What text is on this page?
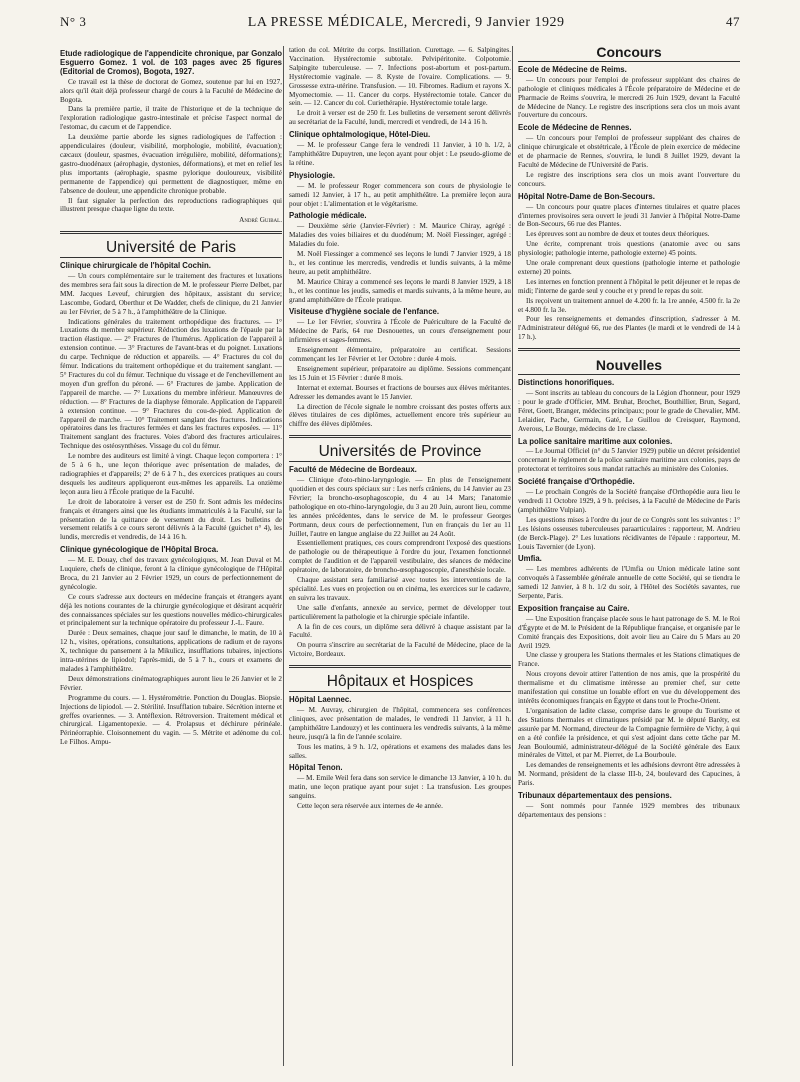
N° 3	LA PRESSE MÉDICALE, Mercredi, 9 Janvier 1929	47

Etude radiologique de l'appendicite chronique, par Gonzalo Esguerro Gomez. 1 vol. de 103 pages avec 25 figures (Editorial de Cromos), Bogota, 1927.

Ce travail est la thèse de doctorat de Gomez, soutenue par lui en 1927, alors qu'il était déjà professeur chargé de cours à la Faculté de Médecine de Bogota.

Dans la première partie, il traite de l'historique et de la technique de l'exploration radiologique gastro-intestinale et précise l'aspect normal de l'estomac, du cæcum et de l'appendice.

La deuxième partie aborde les signes radiologiques de l'affection : appendiculaires (douleur, visibilité, morphologie, mobilité, évacuation); cæcaux (douleur, spasmes, évacuation irrégulière, mobilité, déformations); gastro-duodénaux (aérophagie, dystonies, déformations), et met en relief les plus importants (aérophagie, spasme pylorique douloureux, visibilité permanente de l'appendice) qui permettent de diagnostiquer, même en l'absence de douleur, une appendicite chronique probable.

Il faut signaler la perfection des reproductions radiographiques qui illustrent presque chaque ligne du texte.

André Guibal.
Université de Paris

Clinique chirurgicale de l'hôpital Cochin.

— Un cours complémentaire sur le traitement des fractures et luxations des membres sera fait sous la direction de M. le professeur Pierre Delbet, par MM. Jacques Leveuf, chirurgien des hôpitaux, assistant du service; Lascombe, Godard, Oberthur et De Wadder, chefs de clinique, du 21 Janvier au 1er Février, de 5 à 7 h., à l'amphithéâtre de la Clinique.

Indications générales du traitement orthopédique des fractures. — 1° Luxations du membre supérieur. Réduction des luxations de l'épaule par la traction élastique. — 2° Fractures de l'humérus. Application de l'appareil à extension continue. — 3° Fractures de l'avant-bras et du poignet. Luxations du carpe. Technique de réduction et appareils. — 4° Fractures du col du fémur. Indications du traitement orthopédique et du traitement sanglant. — 5° Fractures du col du fémur. Technique du vissage et de l'enchevillement au moyen d'un greffon du péroné. — 6° Fractures de jambe. Application de l'appareil de marche. — 7° Luxations du membre inférieur. Manœuvres de réduction. — 8° Fractures de la diaphyse fémorale. Application de l'appareil à extension continue. — 9° Fractures du cou-de-pied. Application de l'appareil de marche. — 10° Traitement sanglant des fractures. Indications opératoires dans les fractures fermées et dans les fractures exposées. — 11° Traitement sanglant des fractures. Voies d'abord des fractures articulaires. Technique des ostéosynthèses. Vissage du col du fémur.

Le nombre des auditeurs est limité à vingt. Chaque leçon comportera : 1° de 5 à 6 h., une leçon théorique avec présentation de malades, de radiographies et d'appareils; 2° de 6 à 7 h., des exercices pratiques au cours desquels les auditeurs appliqueront eux-mêmes les appareils. La onzième leçon aura lieu à l'École pratique de la Faculté.

Le droit de laboratoire à verser est de 250 fr. Sont admis les médecins français et étrangers ainsi que les étudiants immatriculés à la Faculté, sur la présentation de la quittance de versement du droit. Les bulletins de versement relatifs à ce cours seront délivrés à la Faculté (guichet n° 4), les lundis, mercredis et vendredis, de 14 à 16 h.

Clinique gynécologique de l'Hôpital Broca.

— M. E. Douay, chef des travaux gynécologiques, M. Jean Duval et M. Luquiere, chefs de clinique, feront à la clinique gynécologique de l'Hôpital Broca, du 21 Janvier au 2 Février 1929, un cours de perfectionnement de gynécologie.

Ce cours s'adresse aux docteurs en médecine français et étrangers ayant déjà les notions courantes de la chirurgie gynécologique et désirant acquérir des connaissances spéciales sur les questions nouvelles médico-chirurgicales et principalement sur la technique opératoire du professeur J.-L. Faure.

Durée : Deux semaines, chaque jour sauf le dimanche, le matin, de 10 à 12 h., visites, opérations, consultations, applications de radium et de rayons X, technique du pansement à la Mikulicz, insufflations tubaires, injections intra-utérines de lipiodol; l'après-midi, de 5 à 7 h., cours et examens de malades à l'amphithéâtre.

Deux démonstrations cinématographiques auront lieu le 26 Janvier et le 2 Février.

Programme du cours. — 1. Hystérométrie. Ponction du Douglas. Biopsie. Injections de lipiodol. — 2. Stérilité. Insufflation tubaire. Sécrétion interne et greffes ovariennes. — 3. Antéflexion. Rétroversion. Traitement médical et chirurgical. Ligamentopexie. — 4. Prolapsus et déchirure périnéale. Périnéorraphie. Cloisonnement du vagin. — 5. Métrite et adénome du col. Le Filhos. Ampu-

tation du col. Métrite du corps. Instillation. Curettage. — 6. Salpingites. Vaccination. Hystérectomie subtotale. Pelvipéritonite. Colpotomie. Salpingite tuberculeuse. — 7. Infections post-abortum et post-partum. Hystérectomie vaginale. — 8. Kyste de l'ovaire. Complications. — 9. Grossesse extra-utérine. Transfusion. — 10. Fibromes. Radium et rayons X. Myomectomie. — 11. Cancer du corps. Hystérectomie totale. Cancer du sein. — 12. Cancer du col. Curiethérapie. Hystérectomie totale large.

Le droit à verser est de 250 fr. Les bulletins de versement seront délivrés au secrétariat de la Faculté, lundi, mercredi et vendredi, de 14 à 16 h.

Clinique ophtalmologique, Hôtel-Dieu.

— M. le professeur Cange fera le vendredi 11 Janvier, à 10 h. 1/2, à l'amphithéâtre Dupuytren, une leçon ayant pour objet : Le pseudo-gliome de la rétine.

Physiologie.

— M. le professeur Roger commencera son cours de physiologie le samedi 12 Janvier, à 17 h., au petit amphithéâtre. La première leçon aura pour objet : L'alimentation et le végétarisme.

Pathologie médicale.

— Deuxième série (Janvier-Février) : M. Maurice Chiray, agrégé : Maladies des voies biliaires et du duodénum; M. Noël Fiessinger, agrégé : Maladies du foie.

M. Noël Fiessinger a commencé ses leçons le lundi 7 Janvier 1929, à 18 h., et les continue les mercredis, vendredis et lundis suivants, à la même heure, au petit amphithéâtre.

M. Maurice Chiray a commencé ses leçons le mardi 8 Janvier 1929, à 18 h., et les continue les jeudis, samedis et mardis suivants, à la même heure, au grand amphithéâtre de l'École pratique.

Visiteuse d'hygiène sociale de l'enfance.

— Le 1er Février, s'ouvrira à l'École de Puériculture de la Faculté de Médecine de Paris, 64 rue Desnouettes, un cours d'enseignement pour infirmières et sages-femmes.

Enseignement élémentaire, préparatoire au certificat. Sessions commençant les 1er Février et 1er Octobre : durée 4 mois.

Enseignement supérieur, préparatoire au diplôme. Sessions commençant les 15 Juin et 15 Février : durée 8 mois.

Internat et externat. Bourses et fractions de bourses aux élèves méritantes. Adresser les demandes avant le 15 Janvier.

La direction de l'école signale le nombre croissant des postes offerts aux élèves titulaires de ces diplômes, actuellement encore très supérieur au chiffre des élèves diplômées.

Universités de Province

Faculté de Médecine de Bordeaux.

— Clinique d'oto-rhino-laryngologie. — En plus de l'enseignement quotidien et des cours spéciaux sur : Les nerfs crâniens, du 14 Janvier au 23 Février; la broncho-œsophagoscopie, du 4 au 14 Mars; l'anatomie pathologique en oto-rhino-laryngologie, du 3 au 20 Juin, auront lieu, comme les années précédentes, dans le service de M. le professeur Georges Portmann, deux cours de perfectionnement, l'un en français du 1er au 11 Juillet, l'autre en langue anglaise du 22 Juillet au 24 Août.

Essentiellement pratiques, ces cours comprendront l'exposé des questions de pathologie ou de thérapeutique à l'ordre du jour, l'examen fonctionnel complet de l'audition et de l'appareil vestibulaire, des séances de médecine opératoire, de laboratoire, de broncho-œsophagoscopie, d'anesthésie locale.

Chaque assistant sera familiarisé avec toutes les interventions de la spécialité. Les vues en projection ou en cinéma, les exercices sur le cadavre, en suivra les travaux.

Une salle d'enfants, annexée au service, permet de développer tout particulièrement la pathologie et la chirurgie spéciale infantile.

A la fin de ces cours, un diplôme sera délivré à chaque assistant par la Faculté.

On pourra s'inscrire au secrétariat de la Faculté de Médecine, place de la Victoire, Bordeaux.

Hôpitaux et Hospices

Hôpital Laennec.

— M. Auvray, chirurgien de l'hôpital, commencera ses conférences cliniques, avec présentation de malades, le vendredi 11 Janvier, à 11 h. (amphithéâtre Landouzy) et les continuera les vendredis suivants, à la même heure, jusqu'à la fin de l'année scolaire.

Tous les matins, à 9 h. 1/2, opérations et examens des malades dans les salles.

Hôpital Tenon.

— M. Emile Weil fera dans son service le dimanche 13 Janvier, à 10 h. du matin, une leçon pratique ayant pour sujet : La transfusion. Les groupes sanguins.

Cette leçon sera réservée aux internes de 4e année.

Concours

Ecole de Médecine de Reims.

— Un concours pour l'emploi de professeur suppléant des chaires de pathologie et cliniques médicales à l'École préparatoire de Médecine et de Pharmacie de Reims s'ouvrira, le mercredi 26 Juin 1929, devant la Faculté de Médecine de Nancy. Le registre des inscriptions sera clos un mois avant l'ouverture du concours.

Ecole de Médecine de Rennes.

— Un concours pour l'emploi de professeur suppléant des chaires de clinique chirurgicale et obstétricale, à l'École de plein exercice de médecine et de pharmacie de Rennes, s'ouvrira, le lundi 8 Juillet 1929, devant la Faculté de Médecine de l'Université de Paris.

Le registre des inscriptions sera clos un mois avant l'ouverture du concours.

Hôpital Notre-Dame de Bon-Secours.

— Un concours pour quatre places d'internes titulaires et quatre places d'internes provisoires sera ouvert le jeudi 31 Janvier à l'hôpital Notre-Dame de Bon-Secours, 66 rue des Plantes.

Les épreuves sont au nombre de deux et toutes deux théoriques.

Une écrite, comprenant trois questions (anatomie avec ou sans physiologie; pathologie interne, pathologie externe) 45 points.

Une orale comprenant deux questions (pathologie interne et pathologie externe) 20 points.

Les internes en fonction prennent à l'hôpital le petit déjeuner et le repas de midi; l'interne de garde seul y couche et y prend le repas du soir.

Ils reçoivent un traitement annuel de 4.200 fr. la 1re année, 4.500 fr. la 2e et 4.800 fr. la 3e.

Pour les renseignements et demandes d'inscription, s'adresser à M. l'Administrateur délégué 66, rue des Plantes (le mardi et le vendredi de 14 à 17 h.).

Nouvelles

Distinctions honorifiques.

— Sont inscrits au tableau du concours de la Légion d'honneur, pour 1929 : pour le grade d'Officier, MM. Bruhat, Brochet, Bouthillier, Brun, Segard, Féret, Goett, Branger, médecins principaux; pour le grade de Chevalier, MM. Lelaidier, Pache, Germain, Gaté, Le Guillou de Creisquer, Raymond, Averous, Le Bourge, médecins de 1re classe.

La police sanitaire maritime aux colonies.

— Le Journal Officiel (n° du 5 Janvier 1929) publie un décret présidentiel concernant le règlement de la police sanitaire maritime aux colonies, pays de protectorat et territoires sous mandat rattachés au ministère des Colonies.

Société française d'Orthopédie.

— Le prochain Congrès de la Société française d'Orthopédie aura lieu le vendredi 11 Octobre 1929, à 9 h. précises, à la Faculté de Médecine de Paris (amphithéâtre Vulpian).

Les questions mises à l'ordre du jour de ce Congrès sont les suivantes : 1° Les lésions osseuses tuberculeuses paraarticulaires : rapporteur, M. Andrieu (de Berck-Plage). 2° Les luxations récidivantes de l'épaule : rapporteur, M. Louis Tavernier (de Lyon).

Umfia.

— Les membres adhérents de l'Umfia ou Union médicale latine sont convoqués à l'assemblée générale annuelle de cette Société, qui se tiendra le samedi 12 Janvier, à 8 h. 1/2 du soir, à l'Hôtel des Sociétés savantes, rue Serpente, Paris.

Exposition française au Caire.

— Une Exposition française placée sous le haut patronage de S. M. le Roi d'Égypte et de M. le Président de la République française, et organisée par le Comité français des Expositions, doit avoir lieu au Caire du 5 Mars au 20 Avril 1929.

Une classe y groupera les Stations thermales et les Stations climatiques de France.

Nous croyons devoir attirer l'attention de nos amis, que la prospérité du thermalisme et du climatisme intéresse au premier chef, sur cette manifestation qui constitue un louable effort en vue du développement des intérêts économiques français en Égypte et dans tout le Proche-Orient.

L'organisation de ladite classe, comprise dans le groupe du Tourisme et des Stations thermales et climatiques présidé par M. le député Baréty, est assurée par M. Normand, directeur de la Compagnie fermière de Vichy, à qui en a été confiée la présidence, et qui s'est adjoint dans cette tâche par M. Jean Bouloumié, administrateur-délégué de la Société générale des Eaux minérales de Vittel, et par M. Pierret, de La Bourboule.

Les demandes de renseignements et les adhésions devront être adressées à M. Normand, président de la classe III-b, 24, boulevard des Capucines, à Paris.

Tribunaux départementaux des pensions.

— Sont nommés pour l'année 1929 membres des tribunaux départementaux des pensions :
